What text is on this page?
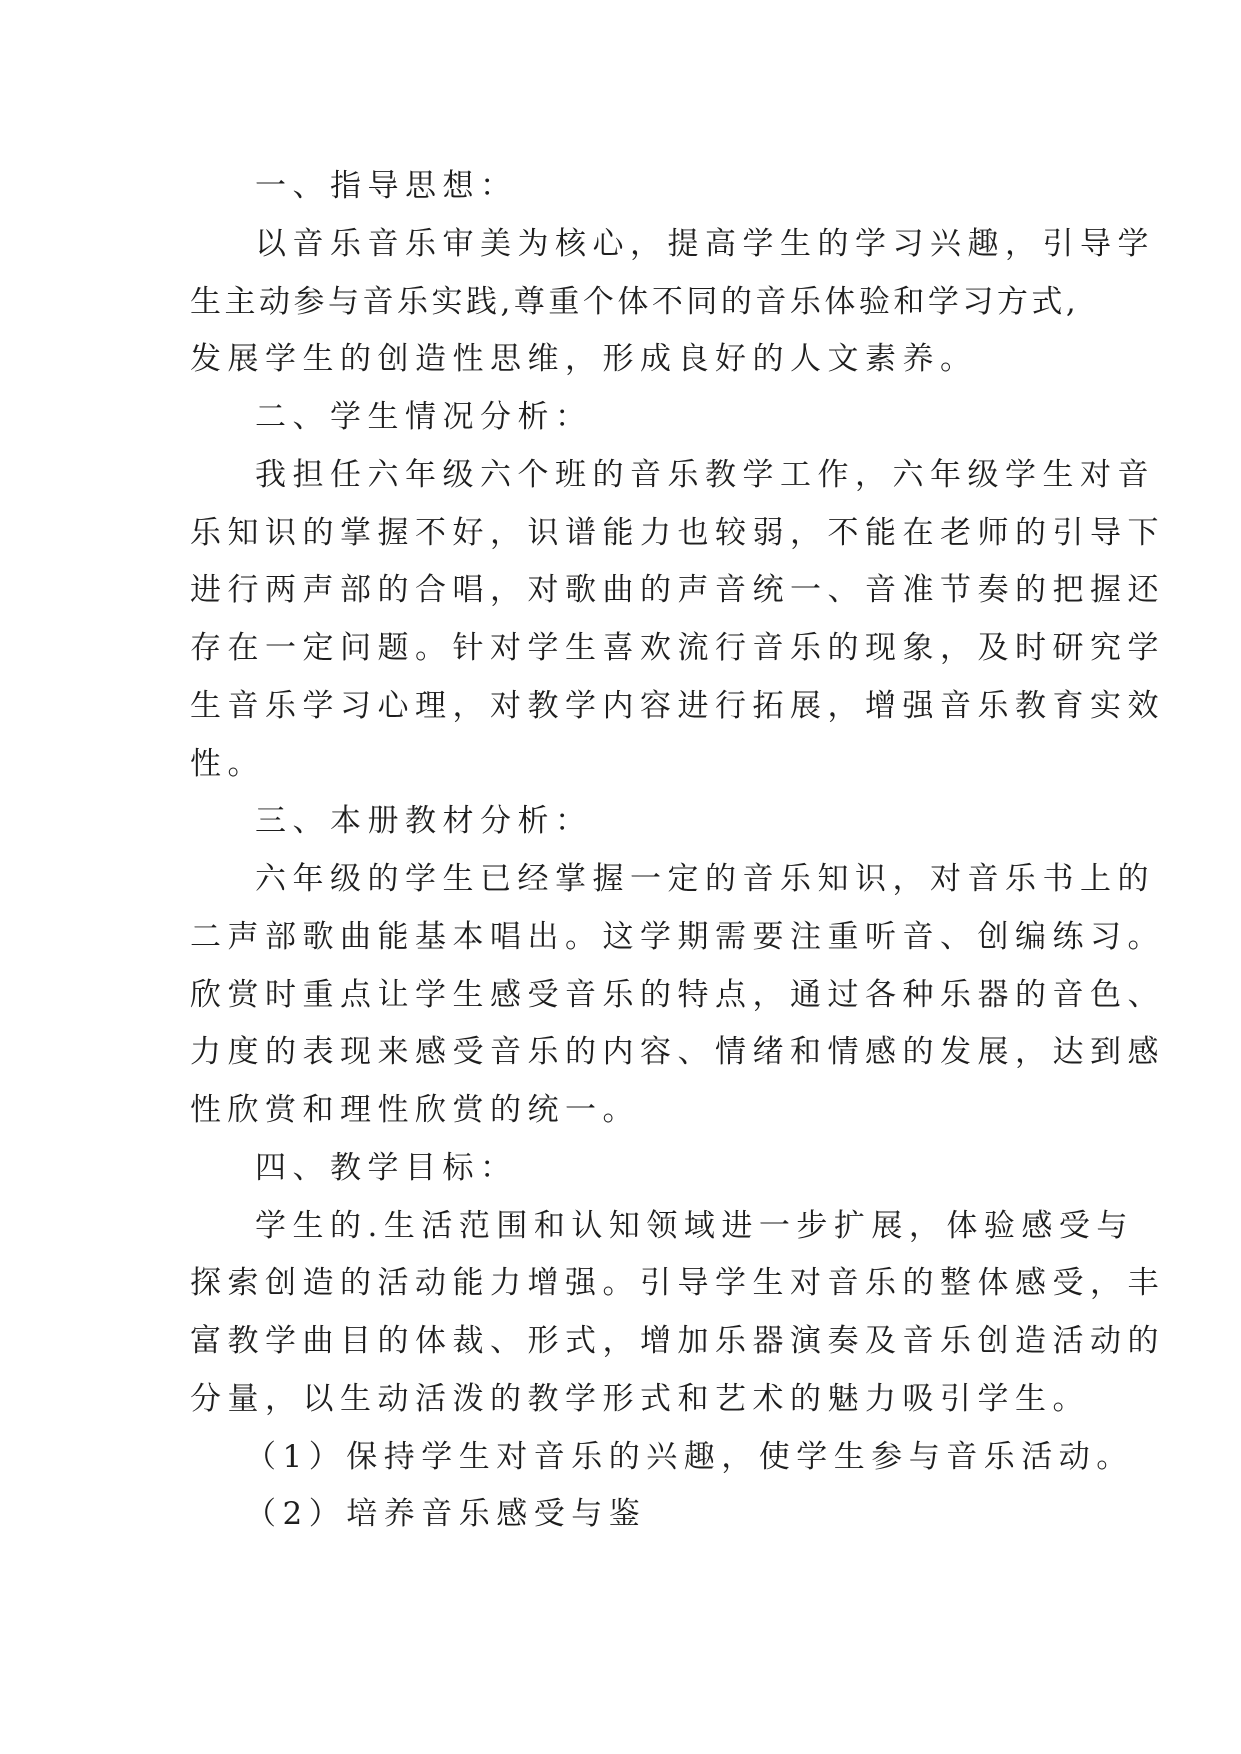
一、指导思想：
以音乐音乐审美为核心，提高学生的学习兴趣，引导学
生主动参与音乐实践,尊重个体不同的音乐体验和学习方式,
发展学生的创造性思维，形成良好的人文素养。
二、学生情况分析：
我担任六年级六个班的音乐教学工作，六年级学生对音
乐知识的掌握不好，识谱能力也较弱，不能在老师的引导下
进行两声部的合唱，对歌曲的声音统一、音准节奏的把握还
存在一定问题。针对学生喜欢流行音乐的现象，及时研究学
生音乐学习心理，对教学内容进行拓展，增强音乐教育实效
性。
三、本册教材分析：
六年级的学生已经掌握一定的音乐知识，对音乐书上的
二声部歌曲能基本唱出。这学期需要注重听音、创编练习。
欣赏时重点让学生感受音乐的特点，通过各种乐器的音色、
力度的表现来感受音乐的内容、情绪和情感的发展，达到感
性欣赏和理性欣赏的统一。
四、教学目标：
学生的.生活范围和认知领域进一步扩展，体验感受与
探索创造的活动能力增强。引导学生对音乐的整体感受，丰
富教学曲目的体裁、形式，增加乐器演奏及音乐创造活动的
分量，以生动活泼的教学形式和艺术的魅力吸引学生。
（1）保持学生对音乐的兴趣，使学生参与音乐活动。
（2）培养音乐感受与鉴
